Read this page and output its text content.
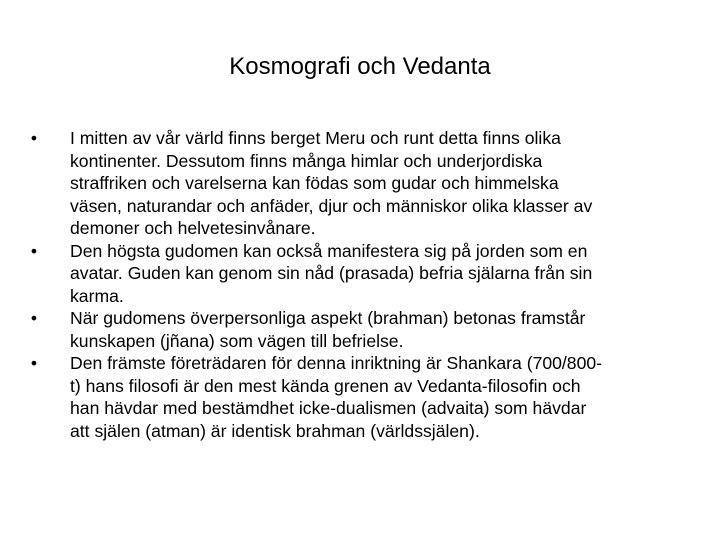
Kosmografi och Vedanta
•	I mitten av vår värld finns berget Meru och runt detta finns olika
kontinenter. Dessutom finns många himlar och underjordiska
straffriken och varelserna kan födas som gudar och himmelska
väsen, naturandar och anfäder, djur och människor olika klasser av
demoner och helvetesinvånare.
•	Den högsta gudomen kan också manifestera sig på jorden som en
avatar. Guden kan genom sin nåd (prasada) befria själarna från sin
karma.
•	När gudomens överpersonliga aspekt (brahman) betonas framstår
kunskapen (jñana) som vägen till befrielse.
•	Den främste företrädaren för denna inriktning är Shankara (700/800-
t) hans filosofi är den mest kända grenen av Vedanta-filosofin och
han hävdar med bestämdhet icke-dualismen (advaita) som hävdar
att själen (atman) är identisk brahman (världssjälen).
